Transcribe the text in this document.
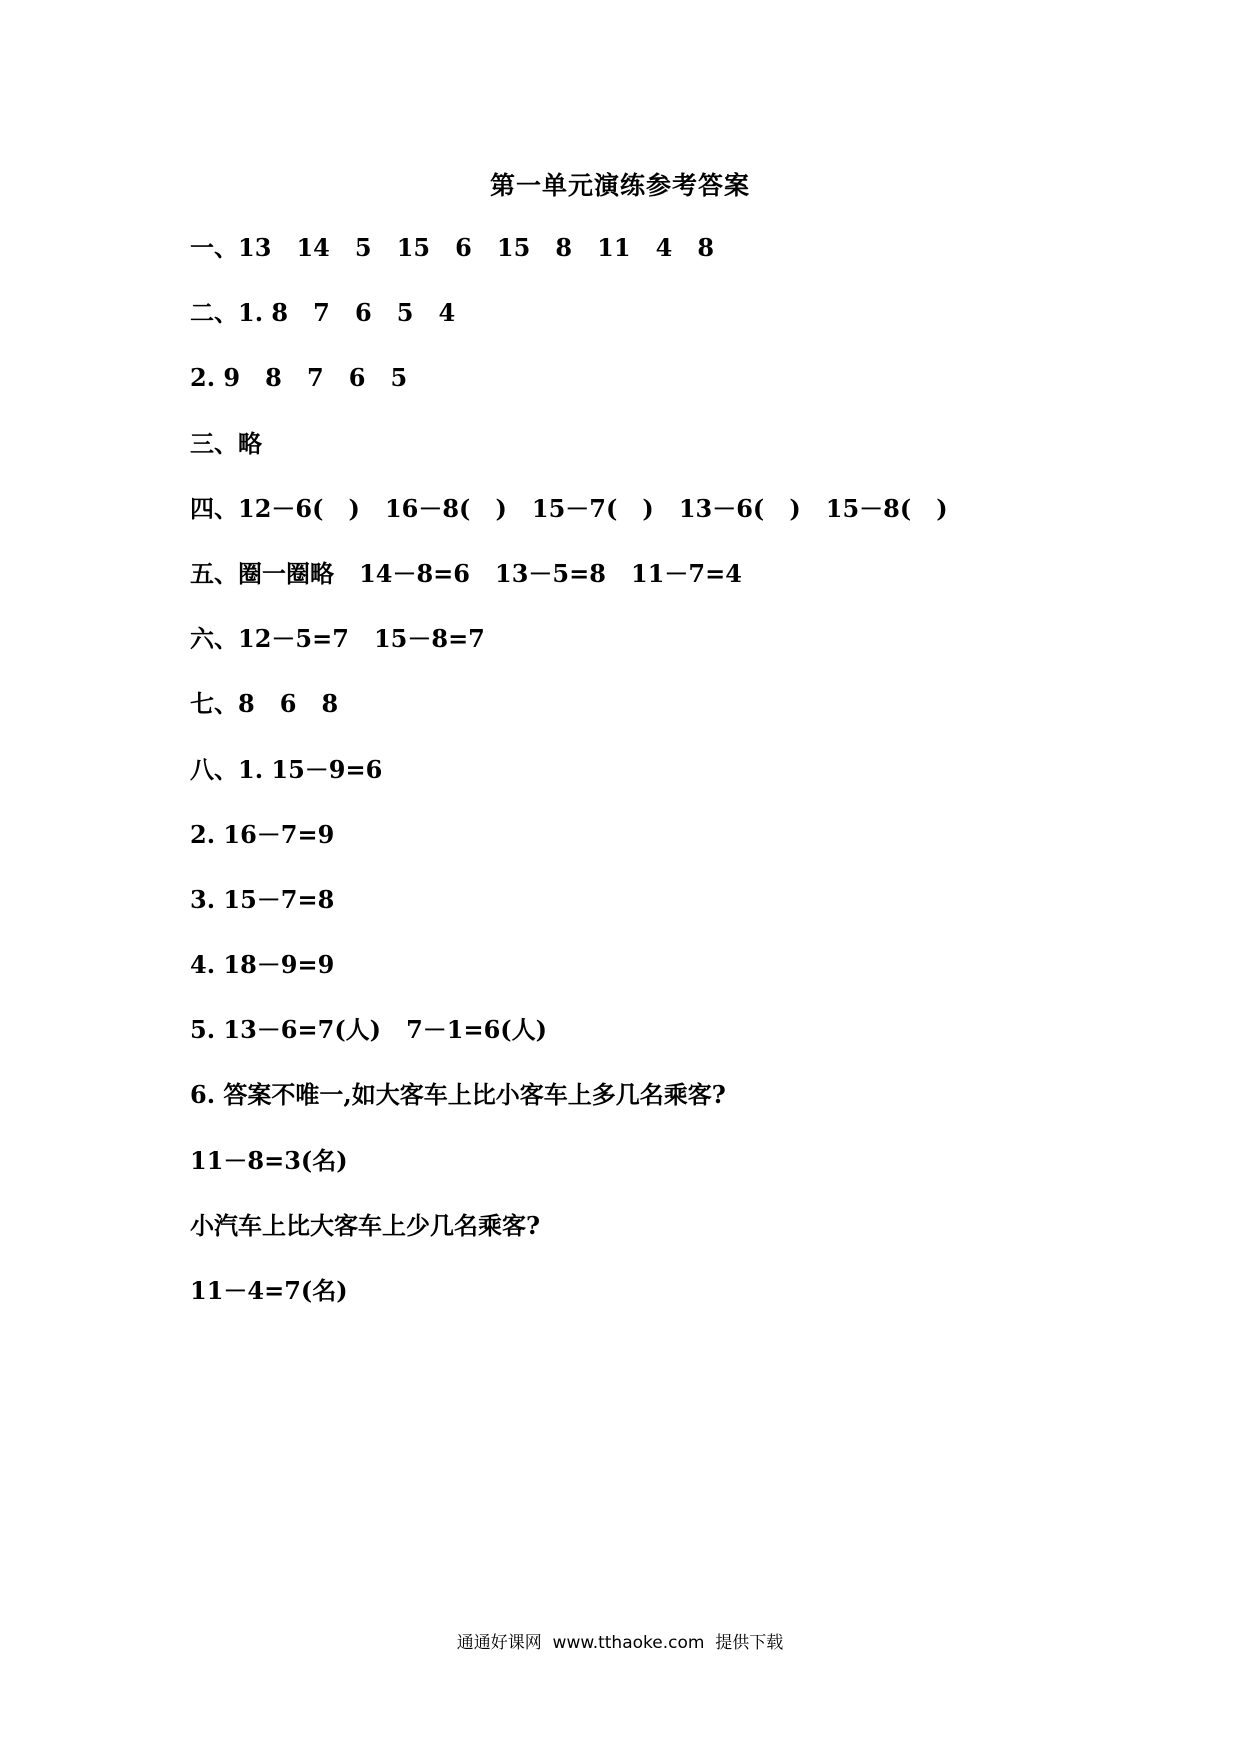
第一单元演练参考答案
一、13   14   5   15   6   15   8   11   4   8
二、1. 8   7   6   5   4
2. 9   8   7   6   5
三、略
四、12－6(   )   16－8(   )   15－7(   )   13－6(   )   15－8(   )
五、圈一圈略   14－8=6   13－5=8   11－7=4
六、12－5=7   15－8=7
七、8   6   8
八、1. 15－9=6
2. 16－7=9
3. 15－7=8
4. 18－9=9
5. 13－6=7(人)   7－1=6(人)
6. 答案不唯一,如大客车上比小客车上多几名乘客?
11－8=3(名)
小汽车上比大客车上少几名乘客?
11－4=7(名)
通通好课网  www.tthaoke.com  提供下载
